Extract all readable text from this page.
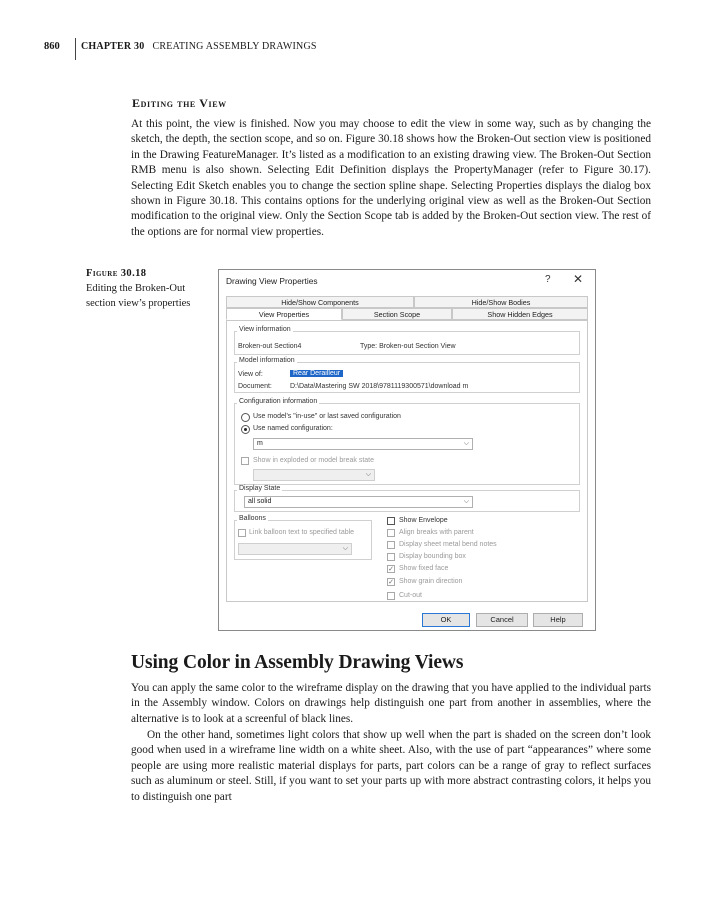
860 CHAPTER 30 CREATING ASSEMBLY DRAWINGS
Editing the View
At this point, the view is finished. Now you may choose to edit the view in some way, such as by changing the sketch, the depth, the section scope, and so on. Figure 30.18 shows how the Broken-Out section view is positioned in the Drawing FeatureManager. It’s listed as a modification to an existing drawing view. The Broken-Out Section RMB menu is also shown. Selecting Edit Definition displays the PropertyManager (refer to Figure 30.17). Selecting Edit Sketch enables you to change the section spline shape. Selecting Properties displays the dialog box shown in Figure 30.18. This contains options for the underlying original view as well as the Broken-Out Section modification to the original view. Only the Section Scope tab is added by the Broken-Out section view. The rest of the options are for normal view properties.
Figure 30.18
Editing the Broken-Out section view’s properties
Drawing View Properties	? ✕
Hide/Show Components	Hide/Show Bodies
View Properties	Section Scope	Show Hidden Edges
View information
Broken-out Section4	Type: Broken-out Section View
Model information
View of:	Rear Derailleur
Document:	D:\Data\Mastering SW 2018\9781119300571\download m
Configuration information
Use model's "in-use" or last saved configuration
Use named configuration:
m	⌵
Show in exploded or model break state
⌵
Display State
all solid	⌵
Balloons
Link balloon text to specified table
⌵
Show Envelope
Align breaks with parent
Display sheet metal bend notes
Display bounding box
✓ Show fixed face
✓ Show grain direction
Cut-out
OK	Cancel	Help
Using Color in Assembly Drawing Views
You can apply the same color to the wireframe display on the drawing that you have applied to the individual parts in the Assembly window. Colors on drawings help distinguish one part from another in assemblies, where the alternative is to look at a screenful of black lines.
On the other hand, sometimes light colors that show up well when the part is shaded on the screen don’t look good when used in a wireframe line width on a white sheet. Also, with the use of part “appearances” where some people are using more realistic material displays for parts, part colors can be a range of gray to reflect surfaces such as aluminum or steel. Still, if you want to set your parts up with more abstract contrasting colors, it helps you to distinguish one part
